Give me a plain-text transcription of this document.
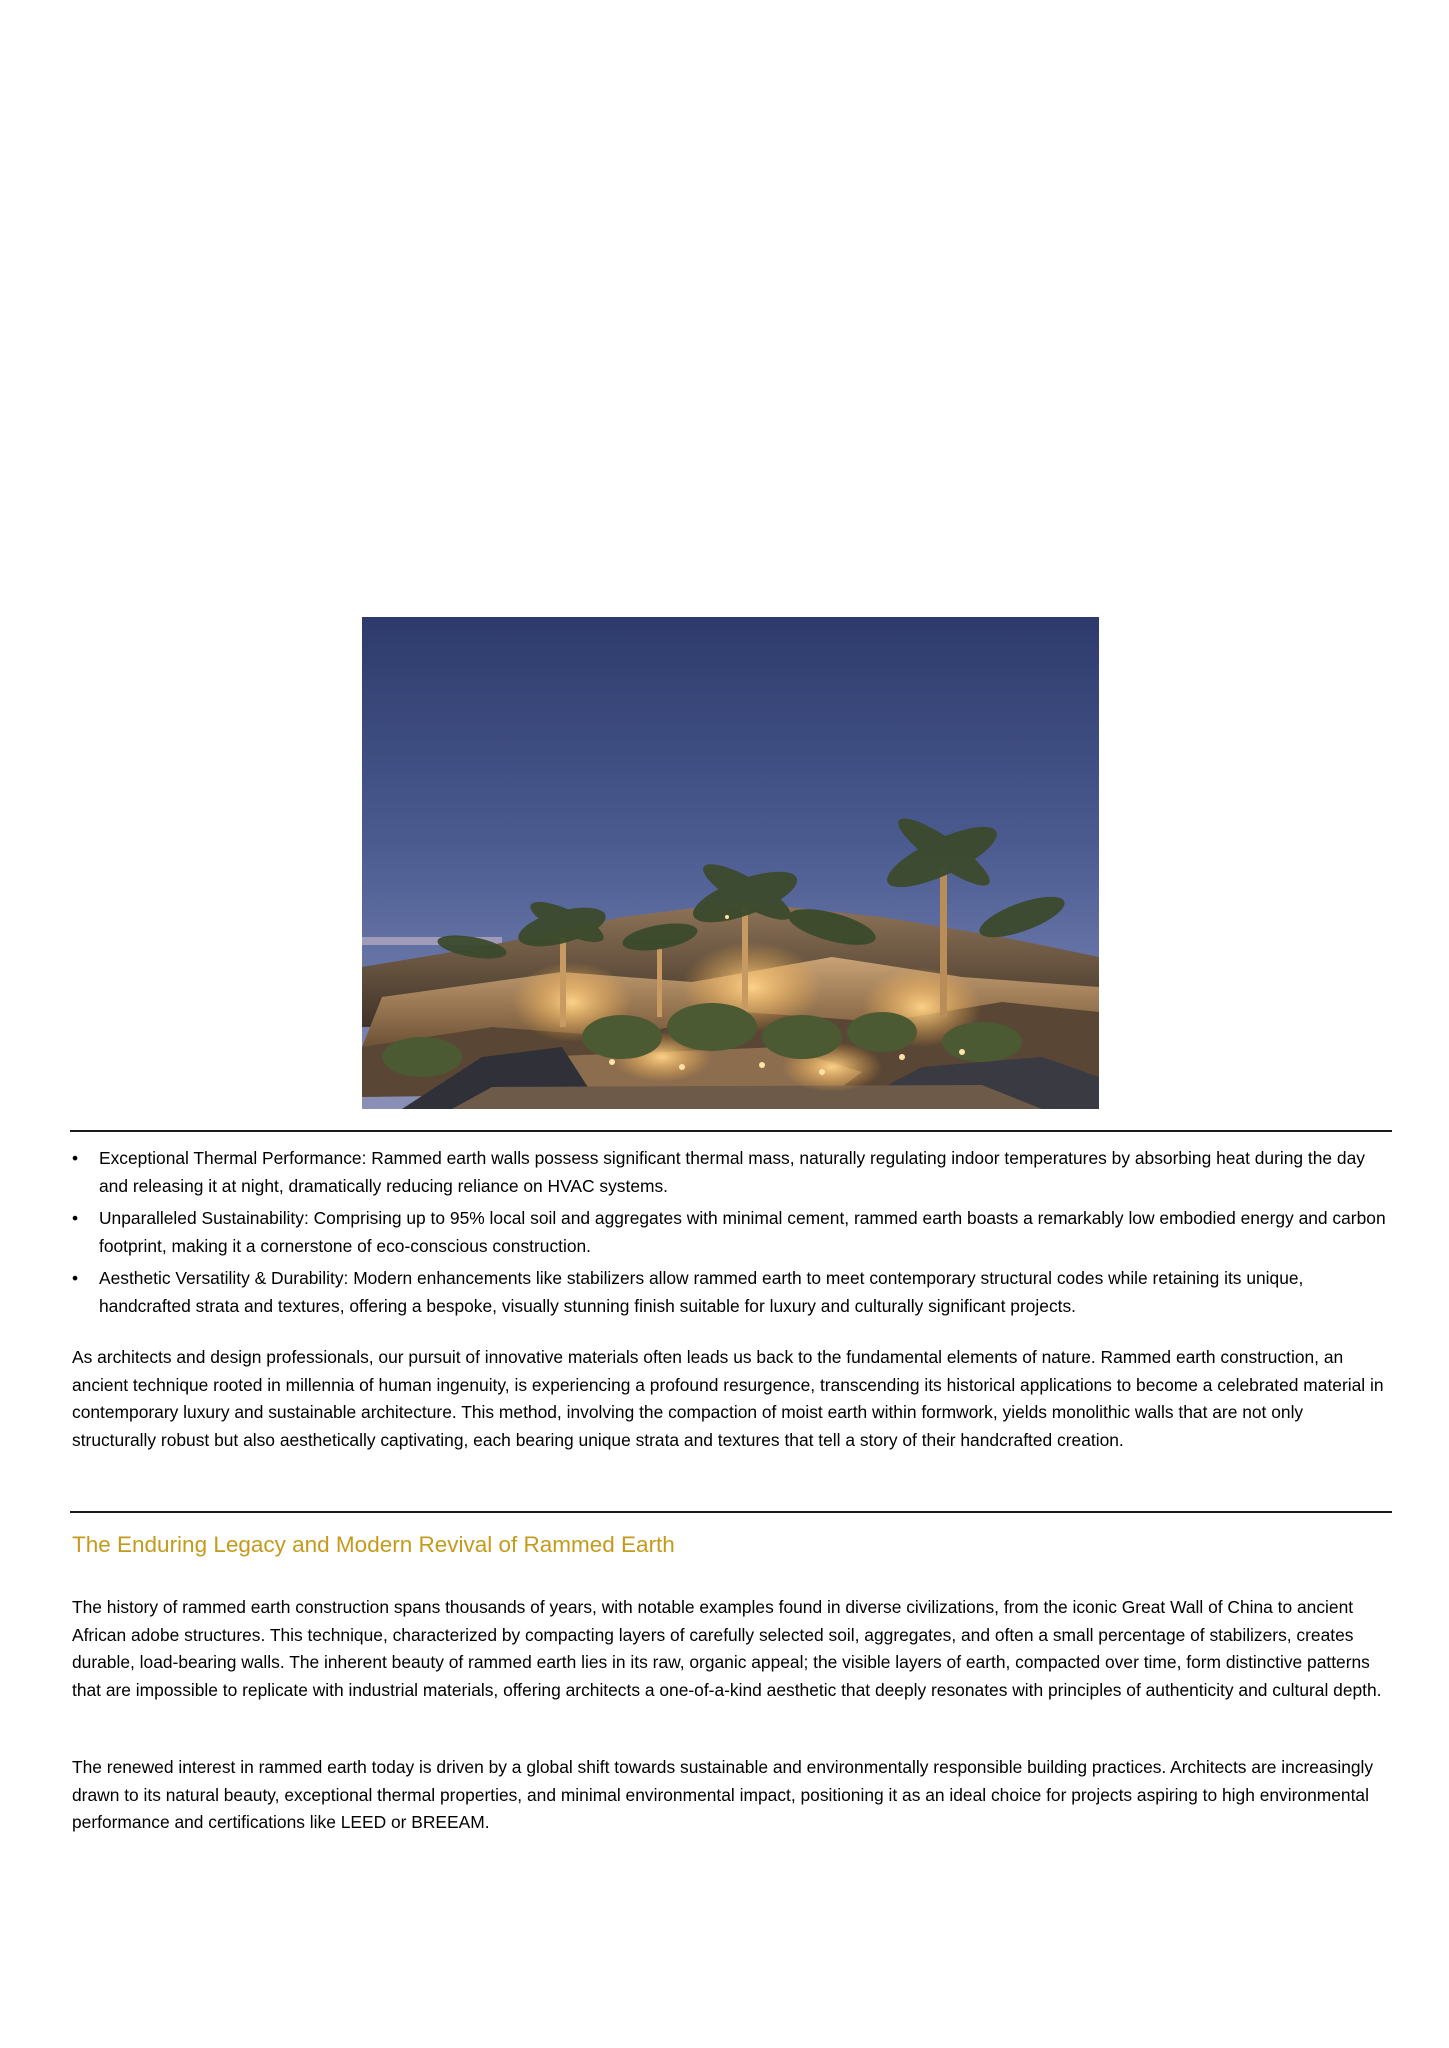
• Exceptional Thermal Performance: Rammed earth walls possess significant thermal mass, naturally regulating indoor temperatures by absorbing heat during the day and releasing it at night, dramatically reducing reliance on HVAC systems.
• Unparalleled Sustainability: Comprising up to 95% local soil and aggregates with minimal cement, rammed earth boasts a remarkably low embodied energy and carbon footprint, making it a cornerstone of eco-conscious construction.
• Aesthetic Versatility & Durability: Modern enhancements like stabilizers allow rammed earth to meet contemporary structural codes while retaining its unique, handcrafted strata and textures, offering a bespoke, visually stunning finish suitable for luxury and culturally significant projects.

As architects and design professionals, our pursuit of innovative materials often leads us back to the fundamental elements of nature. Rammed earth construction, an ancient technique rooted in millennia of human ingenuity, is experiencing a profound resurgence, transcending its historical applications to become a celebrated material in contemporary luxury and sustainable architecture. This method, involving the compaction of moist earth within formwork, yields monolithic walls that are not only structurally robust but also aesthetically captivating, each bearing unique strata and textures that tell a story of their handcrafted creation.

The Enduring Legacy and Modern Revival of Rammed Earth

The history of rammed earth construction spans thousands of years, with notable examples found in diverse civilizations, from the iconic Great Wall of China to ancient African adobe structures. This technique, characterized by compacting layers of carefully selected soil, aggregates, and often a small percentage of stabilizers, creates durable, load-bearing walls. The inherent beauty of rammed earth lies in its raw, organic appeal; the visible layers of earth, compacted over time, form distinctive patterns that are impossible to replicate with industrial materials, offering architects a one-of-a-kind aesthetic that deeply resonates with principles of authenticity and cultural depth.

The renewed interest in rammed earth today is driven by a global shift towards sustainable and environmentally responsible building practices. Architects are increasingly drawn to its natural beauty, exceptional thermal properties, and minimal environmental impact, positioning it as an ideal choice for projects aspiring to high environmental performance and certifications like LEED or BREEAM.
